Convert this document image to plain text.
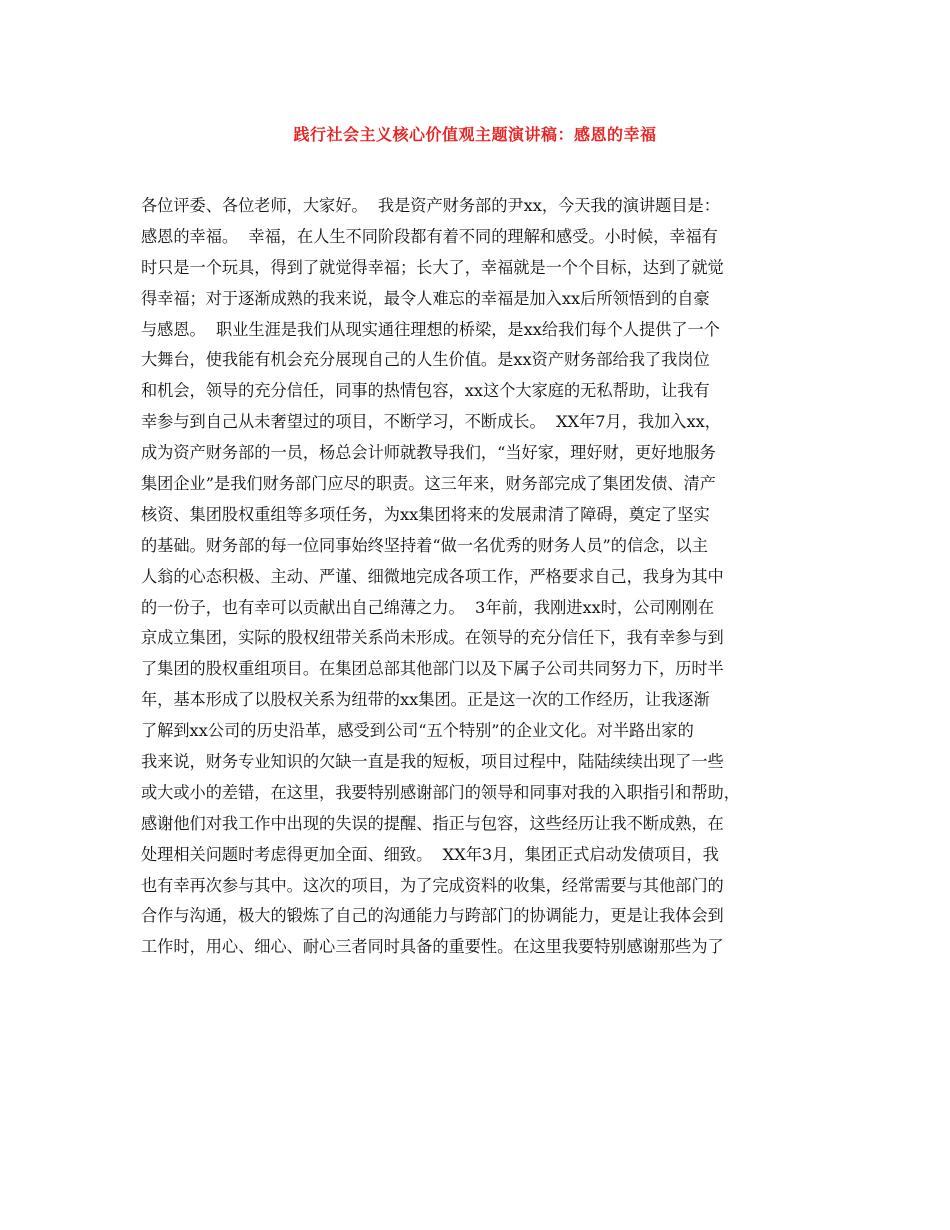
践行社会主义核心价值观主题演讲稿：感恩的幸福
各位评委、各位老师，大家好。  我是资产财务部的尹xx，今天我的演讲题目是：
感恩的幸福。  幸福，在人生不同阶段都有着不同的理解和感受。小时候，幸福有
时只是一个玩具，得到了就觉得幸福；长大了，幸福就是一个个目标，达到了就觉
得幸福；对于逐渐成熟的我来说，最令人难忘的幸福是加入xx后所领悟到的自豪
与感恩。  职业生涯是我们从现实通往理想的桥梁，是xx给我们每个人提供了一个
大舞台，使我能有机会充分展现自己的人生价值。是xx资产财务部给我了我岗位
和机会，领导的充分信任，同事的热情包容，xx这个大家庭的无私帮助，让我有
幸参与到自己从未奢望过的项目，不断学习，不断成长。  XX年7月，我加入xx，
成为资产财务部的一员，杨总会计师就教导我们，“当好家，理好财，更好地服务
集团企业”是我们财务部门应尽的职责。这三年来，财务部完成了集团发债、清产
核资、集团股权重组等多项任务，为xx集团将来的发展肃清了障碍，奠定了坚实
的基础。财务部的每一位同事始终坚持着“做一名优秀的财务人员”的信念，以主
人翁的心态积极、主动、严谨、细微地完成各项工作，严格要求自己，我身为其中
的一份子，也有幸可以贡献出自己绵薄之力。  3年前，我刚进xx时，公司刚刚在
京成立集团，实际的股权纽带关系尚未形成。在领导的充分信任下，我有幸参与到
了集团的股权重组项目。在集团总部其他部门以及下属子公司共同努力下，历时半
年，基本形成了以股权关系为纽带的xx集团。正是这一次的工作经历，让我逐渐
了解到xx公司的历史沿革，感受到公司“五个特别”的企业文化。对半路出家的
我来说，财务专业知识的欠缺一直是我的短板，项目过程中，陆陆续续出现了一些
或大或小的差错，在这里，我要特别感谢部门的领导和同事对我的入职指引和帮助，
感谢他们对我工作中出现的失误的提醒、指正与包容，这些经历让我不断成熟，在
处理相关问题时考虑得更加全面、细致。  XX年3月，集团正式启动发债项目，我
也有幸再次参与其中。这次的项目，为了完成资料的收集，经常需要与其他部门的
合作与沟通，极大的锻炼了自己的沟通能力与跨部门的协调能力，更是让我体会到
工作时，用心、细心、耐心三者同时具备的重要性。在这里我要特别感谢那些为了
